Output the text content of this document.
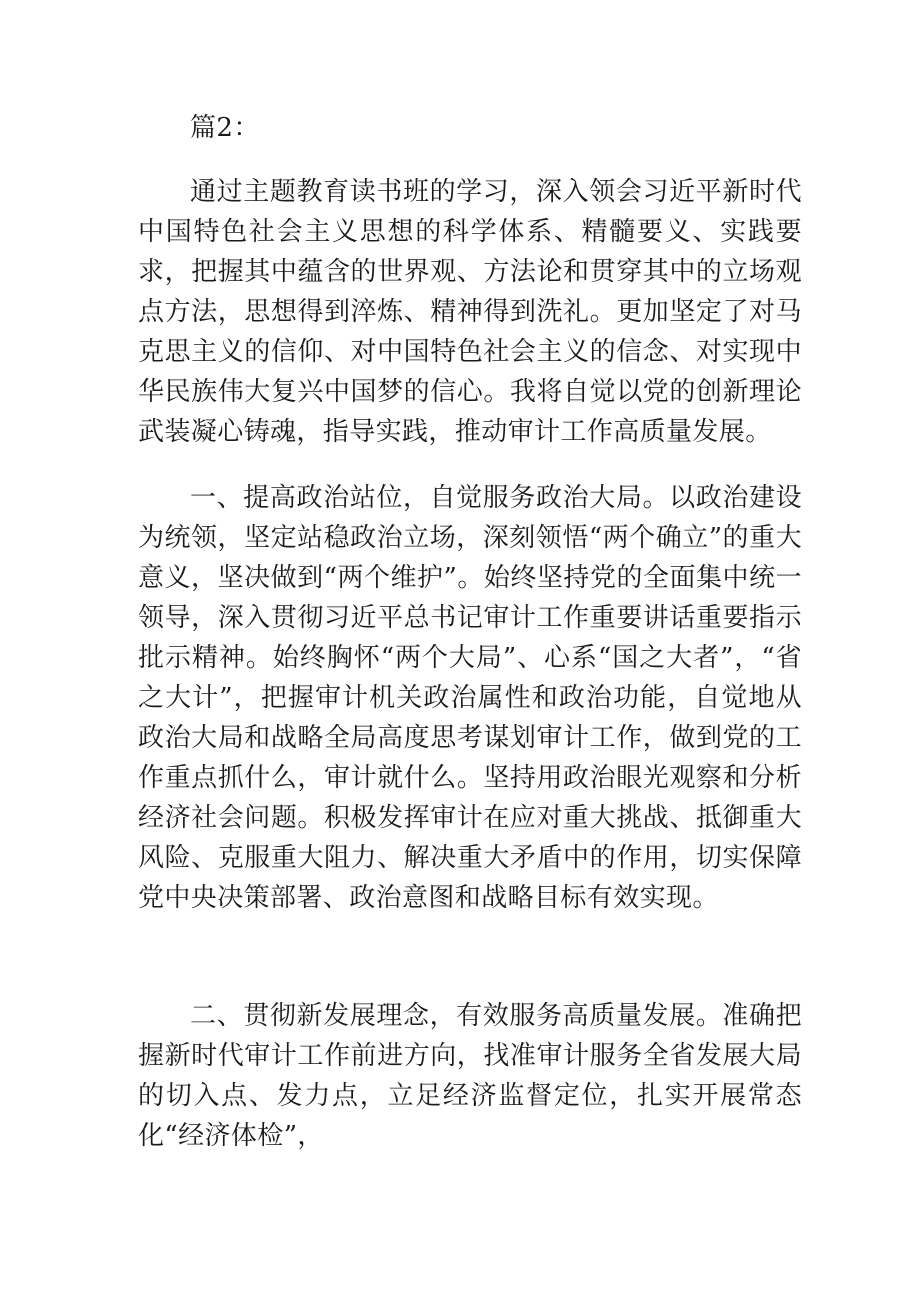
篇2：

通过主题教育读书班的学习，深入领会习近平新时代中国特色社会主义思想的科学体系、精髓要义、实践要求，把握其中蕴含的世界观、方法论和贯穿其中的立场观点方法，思想得到淬炼、精神得到洗礼。更加坚定了对马克思主义的信仰、对中国特色社会主义的信念、对实现中华民族伟大复兴中国梦的信心。我将自觉以党的创新理论武装凝心铸魂，指导实践，推动审计工作高质量发展。

一、提高政治站位，自觉服务政治大局。以政治建设为统领，坚定站稳政治立场，深刻领悟“两个确立”的重大意义，坚决做到“两个维护”。始终坚持党的全面集中统一领导，深入贯彻习近平总书记审计工作重要讲话重要指示批示精神。始终胸怀“两个大局”、心系“国之大者”，“省之大计”，把握审计机关政治属性和政治功能，自觉地从政治大局和战略全局高度思考谋划审计工作，做到党的工作重点抓什么，审计就什么。坚持用政治眼光观察和分析经济社会问题。积极发挥审计在应对重大挑战、抵御重大风险、克服重大阻力、解决重大矛盾中的作用，切实保障党中央决策部署、政治意图和战略目标有效实现。

二、贯彻新发展理念，有效服务高质量发展。准确把握新时代审计工作前进方向，找准审计服务全省发展大局的切入点、发力点，立足经济监督定位，扎实开展常态化“经济体检”，
